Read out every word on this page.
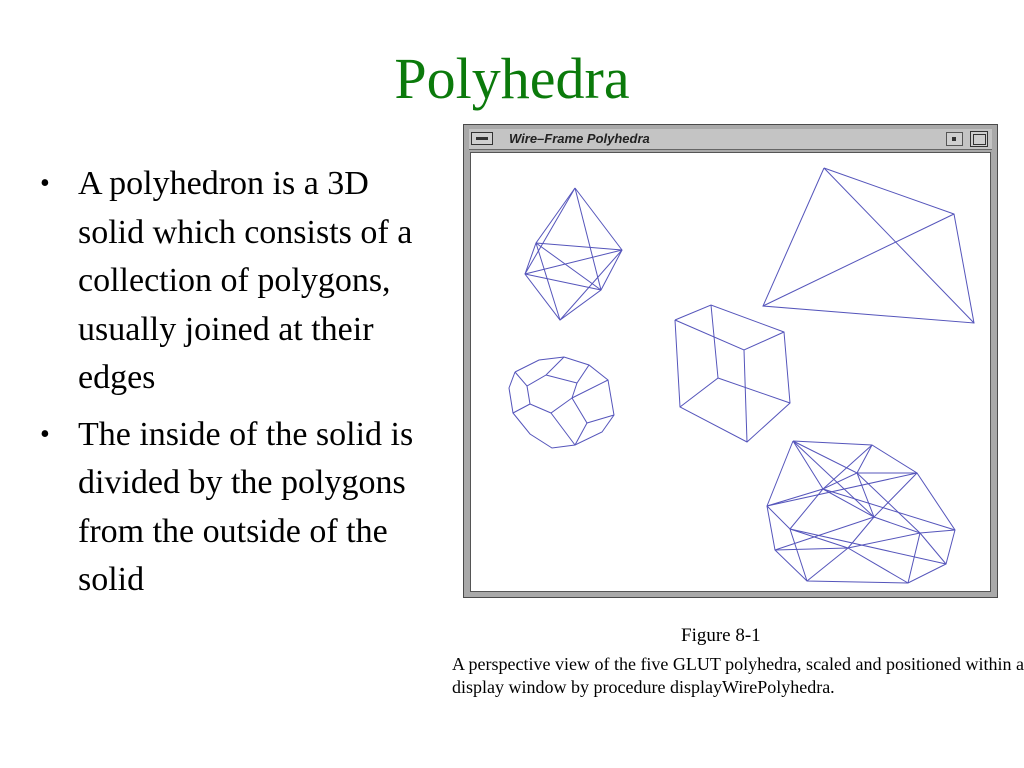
Polyhedra
• A polyhedron is a 3D solid which consists of a collection of polygons, usually joined at their edges
• The inside of the solid is divided by the polygons from the outside of the solid
Wire–Frame Polyhedra
Figure 8-1
A perspective view of the five GLUT polyhedra, scaled and positioned within a display window by procedure displayWirePolyhedra.
